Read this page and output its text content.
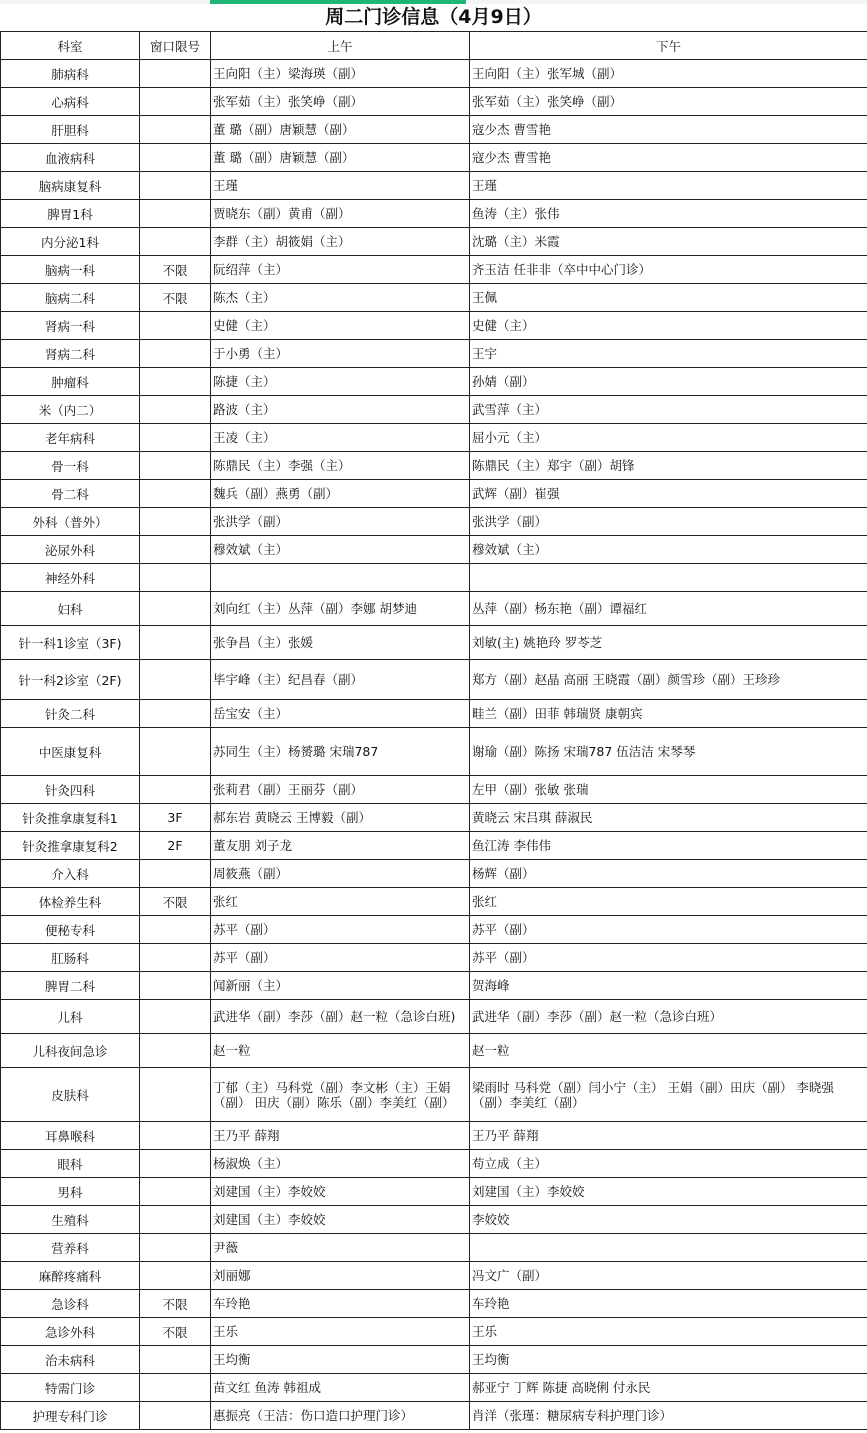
周二门诊信息（4月9日）
科室	窗口限号	上午	下午
肺病科		王向阳（主）梁海瑛（副）	王向阳（主）张军城（副）
心病科		张军茹（主）张笑峥（副）	张军茹（主）张笑峥（副）
肝胆科		董 璐（副）唐颖慧（副）	寇少杰 曹雪艳
血液病科		董 璐（副）唐颖慧（副）	寇少杰 曹雪艳
脑病康复科		王瑾	王瑾
脾胃1科		贾晓东（副）黄甫（副）	鱼涛（主）张伟
内分泌1科		李群（主）胡筱娟（主）	沈璐（主）米霞
脑病一科	不限	阮绍萍（主）	齐玉洁 任非非（卒中中心门诊）
脑病二科	不限	陈杰（主）	王佩
肾病一科		史健（主）	史健（主）
肾病二科		于小勇（主）	王宇
肿瘤科		陈捷（主）	孙婧（副）
米（内二）		路波（主）	武雪萍（主）
老年病科		王凌（主）	屈小元（主）
骨一科		陈鼎民（主）李强（主）	陈鼎民（主）郑宇（副）胡锋
骨二科		魏兵（副）燕勇（副）	武辉（副）崔强
外科（普外）		张洪学（副）	张洪学（副）
泌尿外科		穆效斌（主）	穆效斌（主）
神经外科			
妇科		刘向红（主）丛萍（副）李娜 胡梦迪	丛萍（副）杨东艳（副）谭福红
针一科1诊室（3F)		张争昌（主）张媛	刘敏(主) 姚艳玲 罗苓芝
针一科2诊室（2F)		毕宇峰（主）纪昌春（副）	郑方（副）赵晶 高丽 王晓霞（副）颜雪珍（副）王珍珍
针灸二科		岳宝安（主）	畦兰（副）田菲 韩瑞贤 康朝宾
中医康复科		苏同生（主）杨赟璐 宋瑞787	谢瑜（副）陈扬 宋瑞787 伍洁洁 宋琴琴
针灸四科		张莉君（副）王丽芬（副）	左甲（副）张敏 张瑞
针灸推拿康复科1	3F	郝东岩 黄晓云 王博毅（副）	黄晓云 宋吕琪 薛淑民
针灸推拿康复科2	2F	董友朋 刘子龙	鱼江涛 李伟伟
介入科		周筱燕（副）	杨辉（副）
体检养生科	不限	张红	张红
便秘专科		苏平（副）	苏平（副）
肛肠科		苏平（副）	苏平（副）
脾胃二科		闻新丽（主）	贺海峰
儿科		武进华（副）李莎（副）赵一粒（急诊白班)	武进华（副）李莎（副）赵一粒（急诊白班）
儿科夜间急诊		赵一粒	赵一粒
皮肤科		丁郁（主）马科党（副）李文彬（主）王娟（副） 田庆（副）陈乐（副）李美红（副）	梁雨时 马科党（副）闫小宁（主） 王娟（副）田庆（副） 李晓强（副）李美红（副）
耳鼻喉科		王乃平 薛翔	王乃平 薛翔
眼科		杨淑焕（主）	苟立成（主）
男科		刘建国（主）李姣姣	刘建国（主）李姣姣
生殖科		刘建国（主）李姣姣	李姣姣
营养科		尹薇	
麻醉疼痛科		刘丽娜	冯文广（副）
急诊科	不限	车玲艳	车玲艳
急诊外科	不限	王乐	王乐
治未病科		王均衡	王均衡
特需门诊		苗文红 鱼涛 韩祖成	郝亚宁 丁辉 陈捷 高晓俐 付永民
护理专科门诊		惠振亮（王洁：伤口造口护理门诊）	肖洋（张瑾：糖尿病专科护理门诊）
